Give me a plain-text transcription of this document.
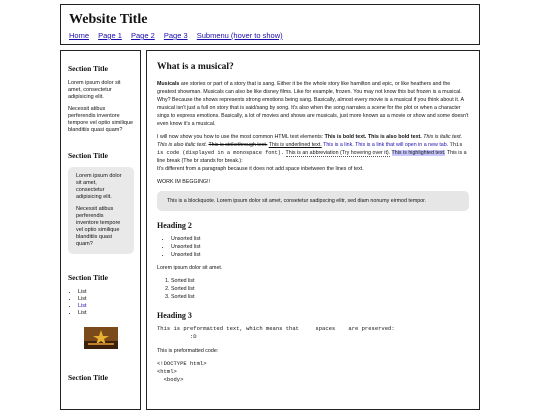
Website Title
Home Page 1 Page 2 Page 3 Submenu (hover to show)
Section Title

Lorem ipsum dolor sit amet, consectetur adipisicing elit.

Necessit atibus perferendis inventore tempore vel optio similique blanditiis quasi quam?

Section Title

Lorem ipsum dolor sit amet, consectetur adipisicing elit.

Necessit atibus perferendis inventore tempore vel optio similique blanditiis quasi quam?

Section Title
• List
• List
• List
• List
Section Title
What is a musical?

Musicals are stories or part of a story that is sang. Either it be the whole story like hamilton and epic, or like heathers and the greatest showman. Musicals can also be like disney films. Like for example, frozen. You may not know this but frozen is a musical. Why? Because the shows represents strong emotions being sang. Basically, almost every movie is a musical if you think about it. A musical isn't just a full on story that is said/sang by song. It's also when the song narrates a scene for the plot or when a character sings to express emotions. Basically, a lot of movies and shows are musicals, just more known as a movie or show and some doesn't even know it's a musical.

I will now show you how to use the most common HTML text elements: This is bold text. This is also bold text. This is italic text. This is also italic text. This is strikethrough text. This is underlined text. This is a link. This is a link that will open in a new tab. This is code (displayed in a monospace font). This is an abbreviation (Try hovering over it). This is highlighted text. This is a line break (The br stands for break.):
It's different from a paragraph because it does not add space inbetween the lines of text.

WORK IM BEGGING!!

This is a blockquote. Lorem ipsum dolor sit amet, consetetur sadipscing elitr, sed diam nonumy eirmod tempor.
Heading 2
• Unsorted list
• Unsorted list
• Unsorted list

Lorem ipsum dolor sit amet.

1. Sorted list
2. Sorted list
3. Sorted list
Heading 3
This is preformatted text, which means that     spaces    are preserved:
:D

This is preformatted code:

<!DOCTYPE html>
<html>
<body>
